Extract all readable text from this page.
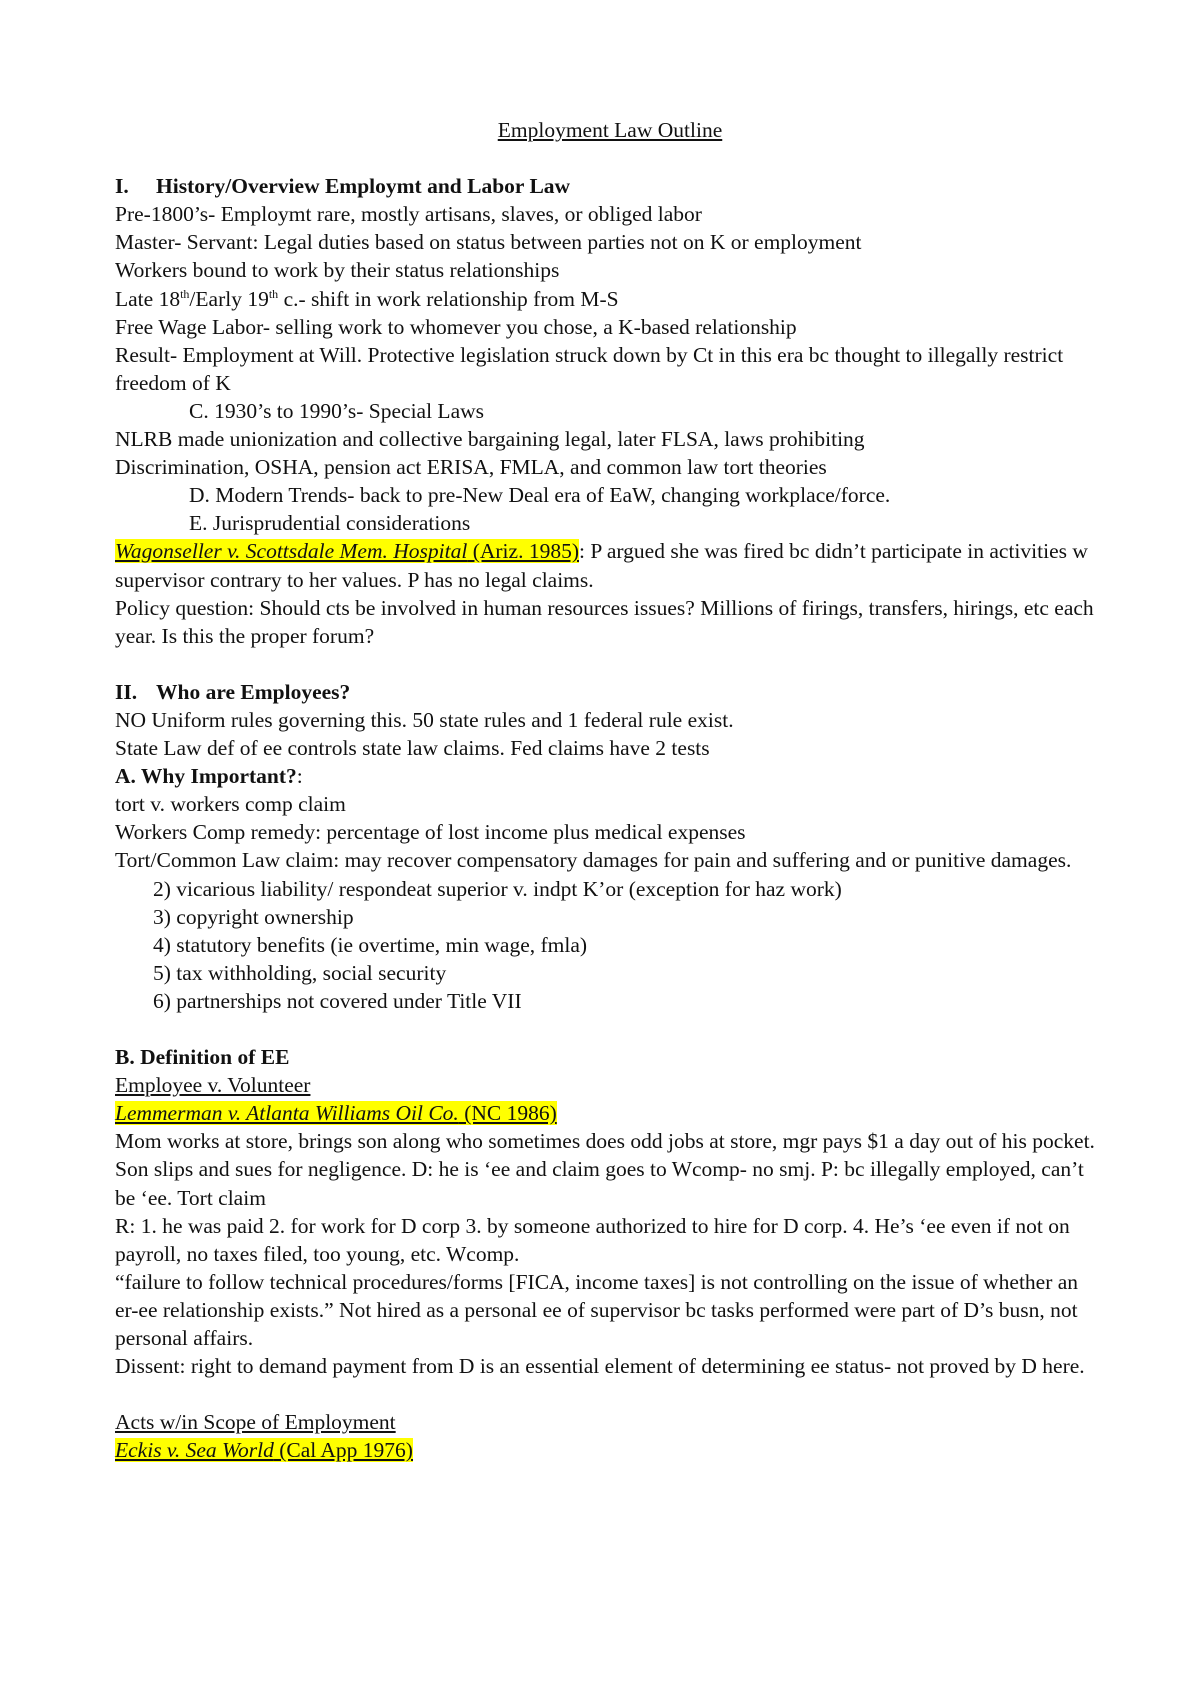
Employment Law Outline
I. History/Overview Employmt and Labor Law
Pre-1800’s- Employmt rare, mostly artisans, slaves, or obliged labor
Master- Servant: Legal duties based on status between parties not on K or employment
Workers bound to work by their status relationships
Late 18th/Early 19th c.- shift in work relationship from M-S
Free Wage Labor- selling work to whomever you chose, a K-based relationship
Result- Employment at Will. Protective legislation struck down by Ct in this era bc thought to illegally restrict freedom of K
C. 1930’s to 1990’s- Special Laws
NLRB made unionization and collective bargaining legal, later FLSA, laws prohibiting
Discrimination, OSHA, pension act ERISA, FMLA, and common law tort theories
D. Modern Trends- back to pre-New Deal era of EaW, changing workplace/force.
E. Jurisprudential considerations
Wagonseller v. Scottsdale Mem. Hospital (Ariz. 1985): P argued she was fired bc didn’t participate in activities w supervisor contrary to her values. P has no legal claims.
Policy question: Should cts be involved in human resources issues? Millions of firings, transfers, hirings, etc each year. Is this the proper forum?
II. Who are Employees?
NO Uniform rules governing this. 50 state rules and 1 federal rule exist.
State Law def of ee controls state law claims. Fed claims have 2 tests
A. Why Important?:
tort v. workers comp claim
Workers Comp remedy: percentage of lost income plus medical expenses
Tort/Common Law claim: may recover compensatory damages for pain and suffering and or punitive damages.
2) vicarious liability/ respondeat superior v. indpt K’or (exception for haz work)
3) copyright ownership
4) statutory benefits (ie overtime, min wage, fmla)
5) tax withholding, social security
6) partnerships not covered under Title VII
B. Definition of EE
Employee v. Volunteer
Lemmerman v. Atlanta Williams Oil Co. (NC 1986)
Mom works at store, brings son along who sometimes does odd jobs at store, mgr pays $1 a day out of his pocket. Son slips and sues for negligence. D: he is ‘ee and claim goes to Wcomp- no smj. P: bc illegally employed, can’t be ‘ee. Tort claim
R: 1. he was paid 2. for work for D corp 3. by someone authorized to hire for D corp. 4. He’s ‘ee even if not on payroll, no taxes filed, too young, etc. Wcomp.
“failure to follow technical procedures/forms [FICA, income taxes] is not controlling on the issue of whether an er-ee relationship exists.” Not hired as a personal ee of supervisor bc tasks performed were part of D’s busn, not personal affairs.
Dissent: right to demand payment from D is an essential element of determining ee status- not proved by D here.
Acts w/in Scope of Employment
Eckis v. Sea World (Cal App 1976)
